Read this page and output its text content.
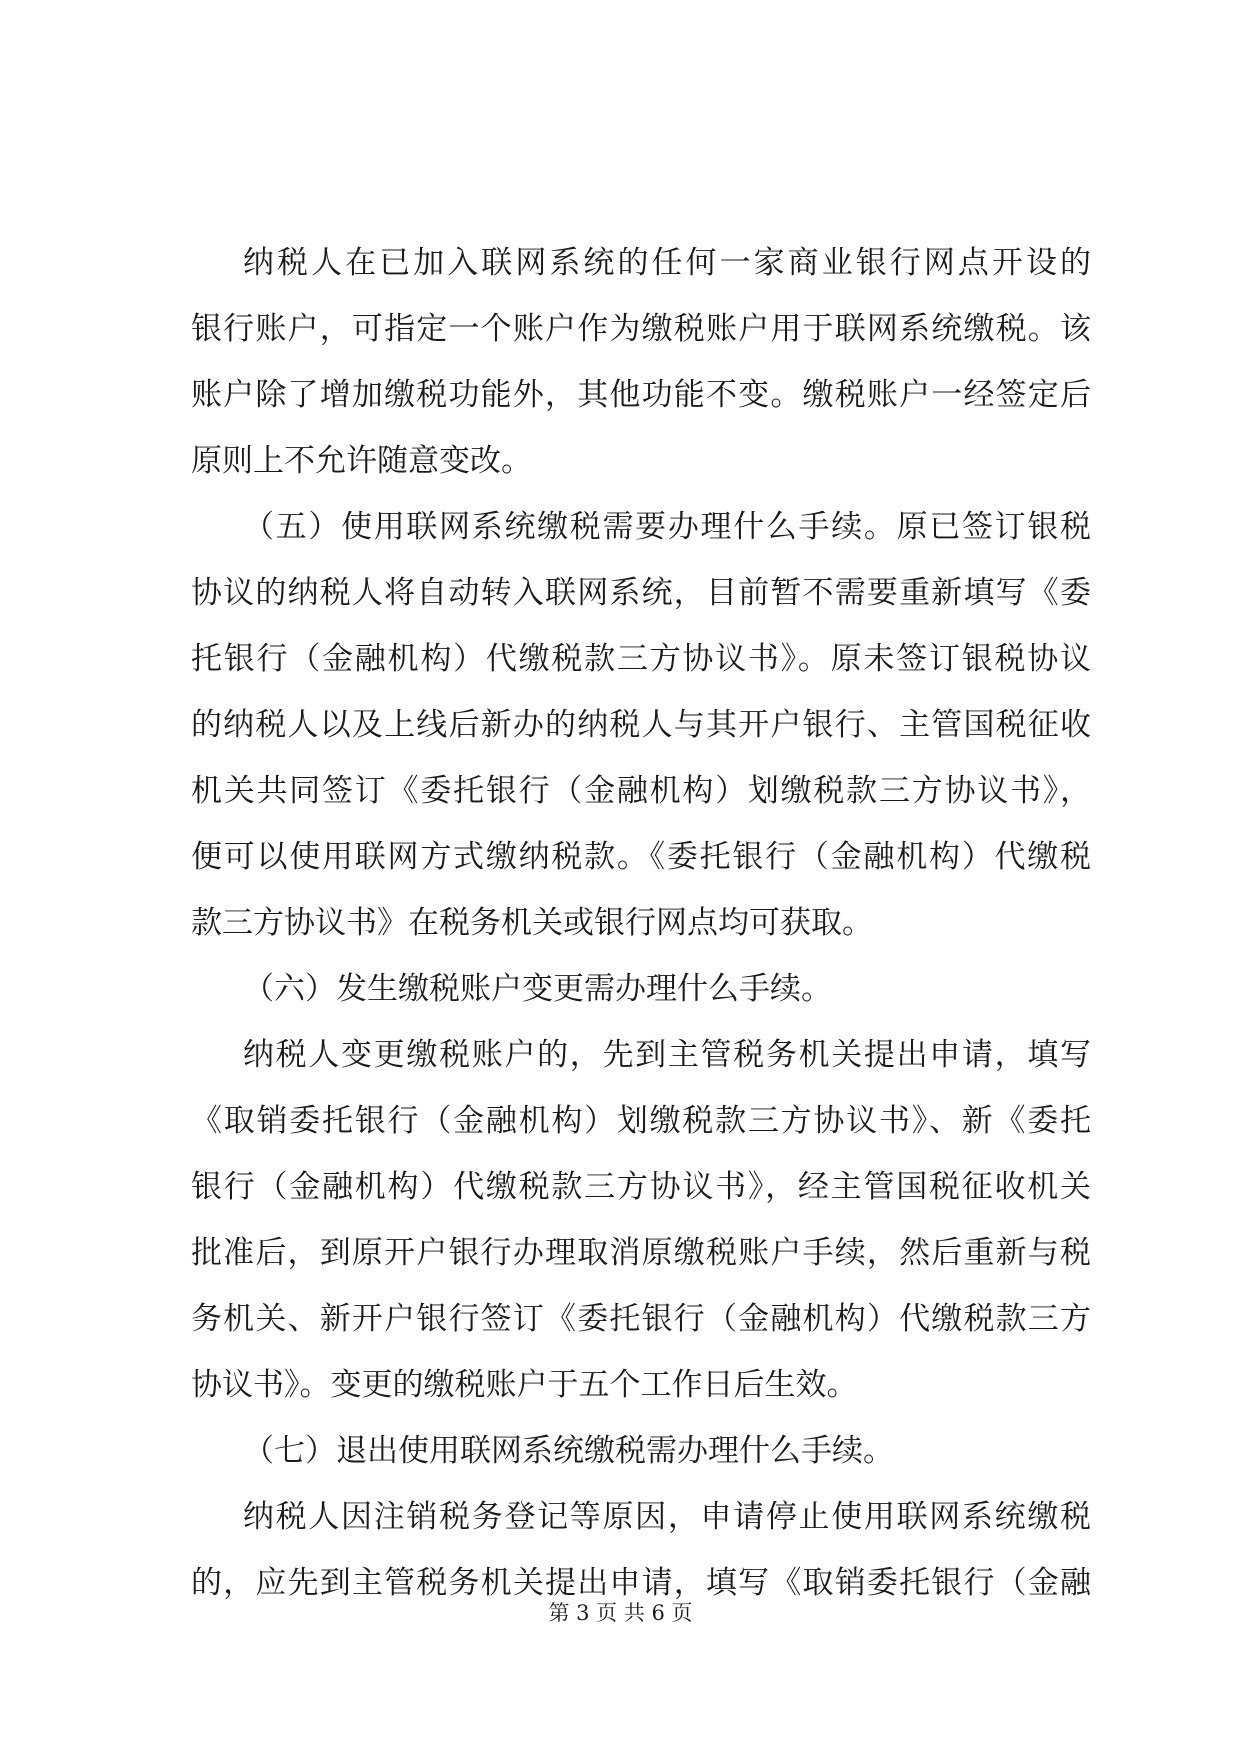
纳税人在已加入联网系统的任何一家商业银行网点开设的
银行账户，可指定一个账户作为缴税账户用于联网系统缴税。该
账户除了增加缴税功能外，其他功能不变。缴税账户一经签定后
原则上不允许随意变改。
（五）使用联网系统缴税需要办理什么手续。原已签订银税
协议的纳税人将自动转入联网系统，目前暂不需要重新填写《委
托银行（金融机构）代缴税款三方协议书》。原未签订银税协议
的纳税人以及上线后新办的纳税人与其开户银行、主管国税征收
机关共同签订《委托银行（金融机构）划缴税款三方协议书》，
便可以使用联网方式缴纳税款。《委托银行（金融机构）代缴税
款三方协议书》在税务机关或银行网点均可获取。
（六）发生缴税账户变更需办理什么手续。
纳税人变更缴税账户的，先到主管税务机关提出申请，填写
《取销委托银行（金融机构）划缴税款三方协议书》、新《委托
银行（金融机构）代缴税款三方协议书》，经主管国税征收机关
批准后，到原开户银行办理取消原缴税账户手续，然后重新与税
务机关、新开户银行签订《委托银行（金融机构）代缴税款三方
协议书》。变更的缴税账户于五个工作日后生效。
（七）退出使用联网系统缴税需办理什么手续。
纳税人因注销税务登记等原因，申请停止使用联网系统缴税
的，应先到主管税务机关提出申请，填写《取销委托银行（金融
第 3 页 共 6 页
